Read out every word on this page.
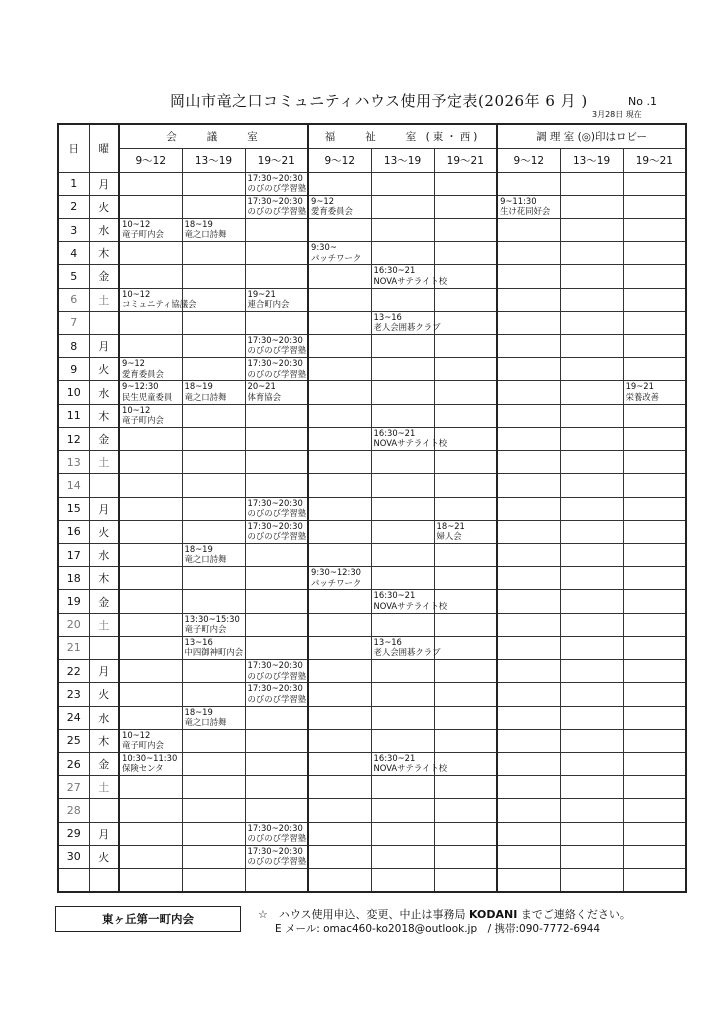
岡山市竜之口コミュニティハウス使用予定表(2026年 6 月 )	No .1
3月28日 現在
日	曜	会　　議　　室			福　　祉　　室 (東・西)			調 理 室 (◎)印はロビー		
		9～12	13～19	19～21	9～12	13～19	19～21	9～12	13～19	19～21
1	月			17:30~20:30
のびのび学習塾						

2	火			17:30~20:30
のびのび学習塾	9~12
愛育委員会			9~11:30
生け花同好会		

3	水	10~12
竜子町内会	18~19
竜之口詩舞							

4	木				9:30~
パッチワーク					

5	金					16:30~21
NOVAサテライト校				

6	土	10~12
コミュニティ協議会		19~21
連合町内会						

7						13~16
老人会囲碁クラブ				

8	月			17:30~20:30
のびのび学習塾						

9	火	9~12
愛育委員会		17:30~20:30
のびのび学習塾						

10	水	9~12:30
民生児童委員	18~19
竜之口詩舞	20~21
体育協会						19~21
栄養改善

11	木	10~12
竜子町内会								

12	金					16:30~21
NOVAサテライト校				

13	土									
14										
15	月			17:30~20:30
のびのび学習塾						

16	火			17:30~20:30
のびのび学習塾			18~21
婦人会			

17	水		18~19
竜之口詩舞							

18	木				9:30~12:30
パッチワーク					

19	金					16:30~21
NOVAサテライト校				

20	土		13:30~15:30
竜子町内会							

21			13~16
中四御神町内会			13~16
老人会囲碁クラブ				

22	月			17:30~20:30
のびのび学習塾						

23	火			17:30~20:30
のびのび学習塾						

24	水		18~19
竜之口詩舞							

25	木	10~12
竜子町内会								

26	金	10:30~11:30
保険センタ				16:30~21
NOVAサテライト校				

27	土									
28										
29	月			17:30~20:30
のびのび学習塾						

30	火			17:30~20:30
のびのび学習塾						

東ヶ丘第一町内会	☆　ハウス使用申込、変更、中止は事務局 KODANI までご連絡ください。
E メール: omac460-ko2018@outlook.jp　/ 携帯:090-7772-6944
